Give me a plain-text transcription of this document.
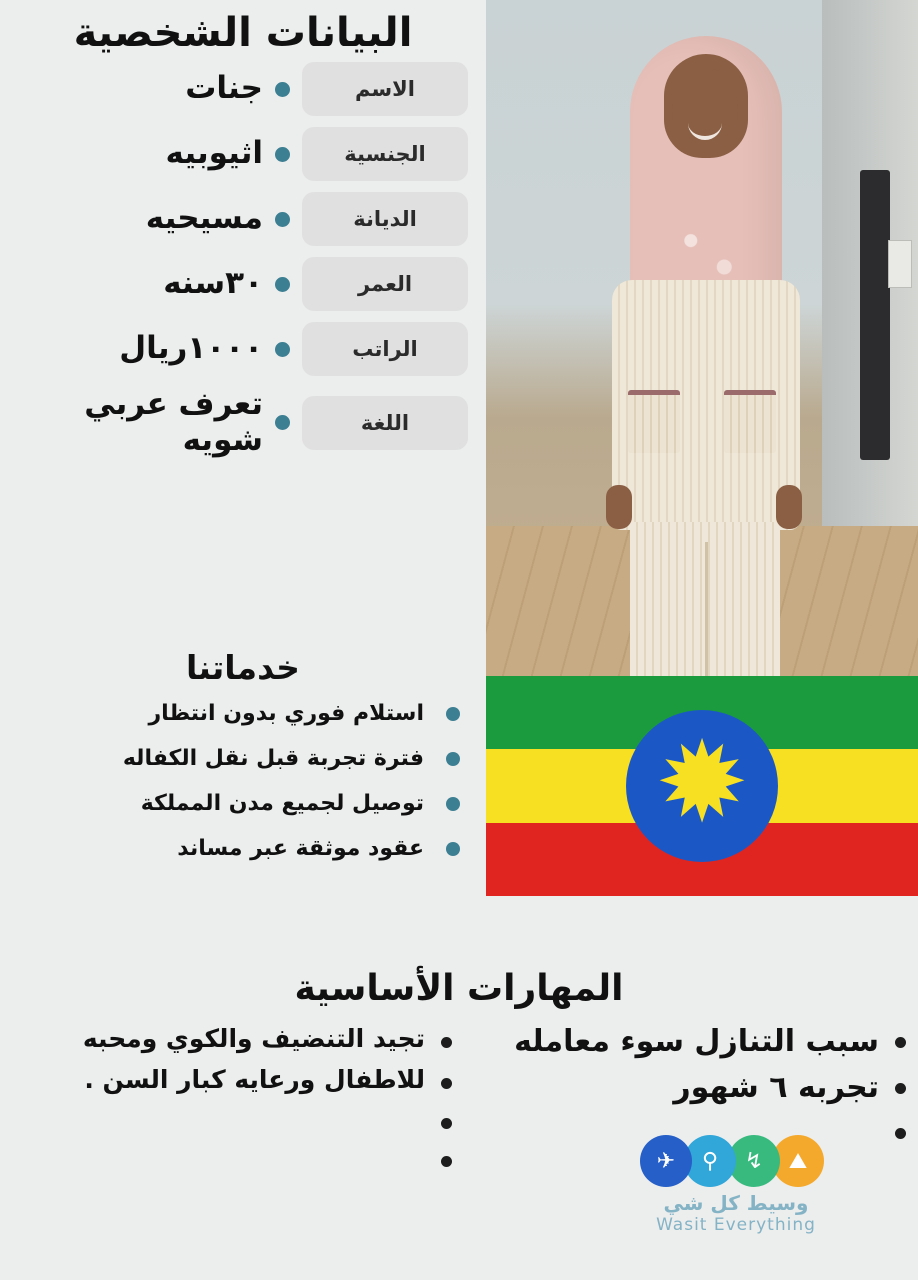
✹
البيانات الشخصية
الاسم
جنات
الجنسية
اثيوبيه
الديانة
مسيحيه
العمر
٣٠سنه
الراتب
١٠٠٠ريال
اللغة
تعرف عربي شويه
خدماتنا
استلام فوري بدون انتظار
فترة تجربة قبل نقل الكفاله
توصيل لجميع مدن المملكة
عقود موثقة عبر مساند
المهارات الأساسية
سبب التنازل سوء معامله
تجربه ٦ شهور
تجيد التنضيف والكوي ومحبه
للاطفال ورعايه كبار السن .
⛰
↯
⚲
✈
وسيط كل شي
Wasit Everything
